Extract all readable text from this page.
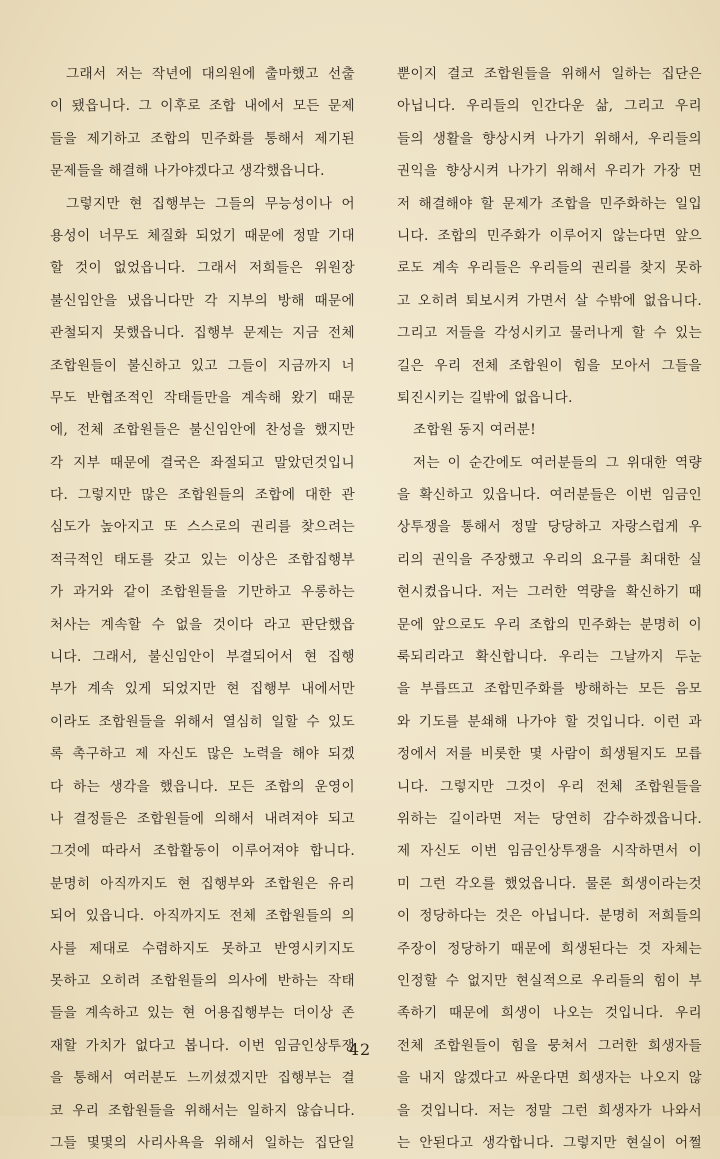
그래서 저는 작년에 대의원에 출마했고 선출
이 됐읍니다. 그 이후로 조합 내에서 모든 문제
들을 제기하고 조합의 민주화를 통해서 제기된
문제들을 해결해 나가야겠다고 생각했읍니다.
그렇지만 현 집행부는 그들의 무능성이나 어
용성이 너무도 체질화 되었기 때문에 정말 기대
할 것이 없었읍니다. 그래서 저희들은 위원장
불신임안을 냈읍니다만 각 지부의 방해 때문에
관철되지 못했읍니다. 집행부 문제는 지금 전체
조합원들이 불신하고 있고 그들이 지금까지 너
무도 반협조적인 작태들만을 계속해 왔기 때문
에, 전체 조합원들은 불신임안에 찬성을 했지만
각 지부 때문에 결국은 좌절되고 말았던것입니
다. 그렇지만 많은 조합원들의 조합에 대한 관
심도가 높아지고 또 스스로의 권리를 찾으려는
적극적인 태도를 갖고 있는 이상은 조합집행부
가 과거와 같이 조합원들을 기만하고 우롱하는
처사는 계속할 수 없을 것이다 라고 판단했읍
니다. 그래서, 불신임안이 부결되어서 현 집행
부가 계속 있게 되었지만 현 집행부 내에서만
이라도 조합원들을 위해서 열심히 일할 수 있도
록 촉구하고 제 자신도 많은 노력을 해야 되겠
다 하는 생각을 했읍니다. 모든 조합의 운영이
나 결정들은 조합원들에 의해서 내려져야 되고
그것에 따라서 조합활동이 이루어져야 합니다.
분명히 아직까지도 현 집행부와 조합원은 유리
되어 있읍니다. 아직까지도 전체 조합원들의 의
사를 제대로 수렴하지도 못하고 반영시키지도
못하고 오히려 조합원들의 의사에 반하는 작태
들을 계속하고 있는 현 어용집행부는 더이상 존
재할 가치가 없다고 봅니다. 이번 임금인상투쟁
을 통해서 여러분도 느끼셨겠지만 집행부는 결
코 우리 조합원들을 위해서는 일하지 않습니다.
그들 몇몇의 사리사욕을 위해서 일하는 집단일
뿐이지 결코 조합원들을 위해서 일하는 집단은
아닙니다. 우리들의 인간다운 삶, 그리고 우리
들의 생활을 향상시켜 나가기 위해서, 우리들의
권익을 향상시켜 나가기 위해서 우리가 가장 먼
저 해결해야 할 문제가 조합을 민주화하는 일입
니다. 조합의 민주화가 이루어지 않는다면 앞으
로도 계속 우리들은 우리들의 권리를 찾지 못하
고 오히려 퇴보시켜 가면서 살 수밖에 없읍니다.
그리고 저들을 각성시키고 물러나게 할 수 있는
길은 우리 전체 조합원이 힘을 모아서 그들을
퇴진시키는 길밖에 없읍니다.
조합원 동지 여러분!
저는 이 순간에도 여러분들의 그 위대한 역량
을 확신하고 있읍니다. 여러분들은 이번 임금인
상투쟁을 통해서 정말 당당하고 자랑스럽게 우
리의 권익을 주장했고 우리의 요구를 최대한 실
현시켰읍니다. 저는 그러한 역량을 확신하기 때
문에 앞으로도 우리 조합의 민주화는 분명히 이
룩되리라고 확신합니다. 우리는 그날까지 두눈
을 부릅뜨고 조합민주화를 방해하는 모든 음모
와 기도를 분쇄해 나가야 할 것입니다. 이런 과
정에서 저를 비롯한 몇 사람이 희생될지도 모릅
니다. 그렇지만 그것이 우리 전체 조합원들을
위하는 길이라면 저는 당연히 감수하겠읍니다.
제 자신도 이번 임금인상투쟁을 시작하면서 이
미 그런 각오를 했었읍니다. 물론 희생이라는것
이 정당하다는 것은 아닙니다. 분명히 저희들의
주장이 정당하기 때문에 희생된다는 것 자체는
인정할 수 없지만 현실적으로 우리들의 힘이 부
족하기 때문에 희생이 나오는 것입니다. 우리
전체 조합원들이 힘을 뭉쳐서 그러한 희생자들
을 내지 않겠다고 싸운다면 희생자는 나오지 않
을 것입니다. 저는 정말 그런 희생자가 나와서
는 안된다고 생각합니다. 그렇지만 현실이 어쩔
42
